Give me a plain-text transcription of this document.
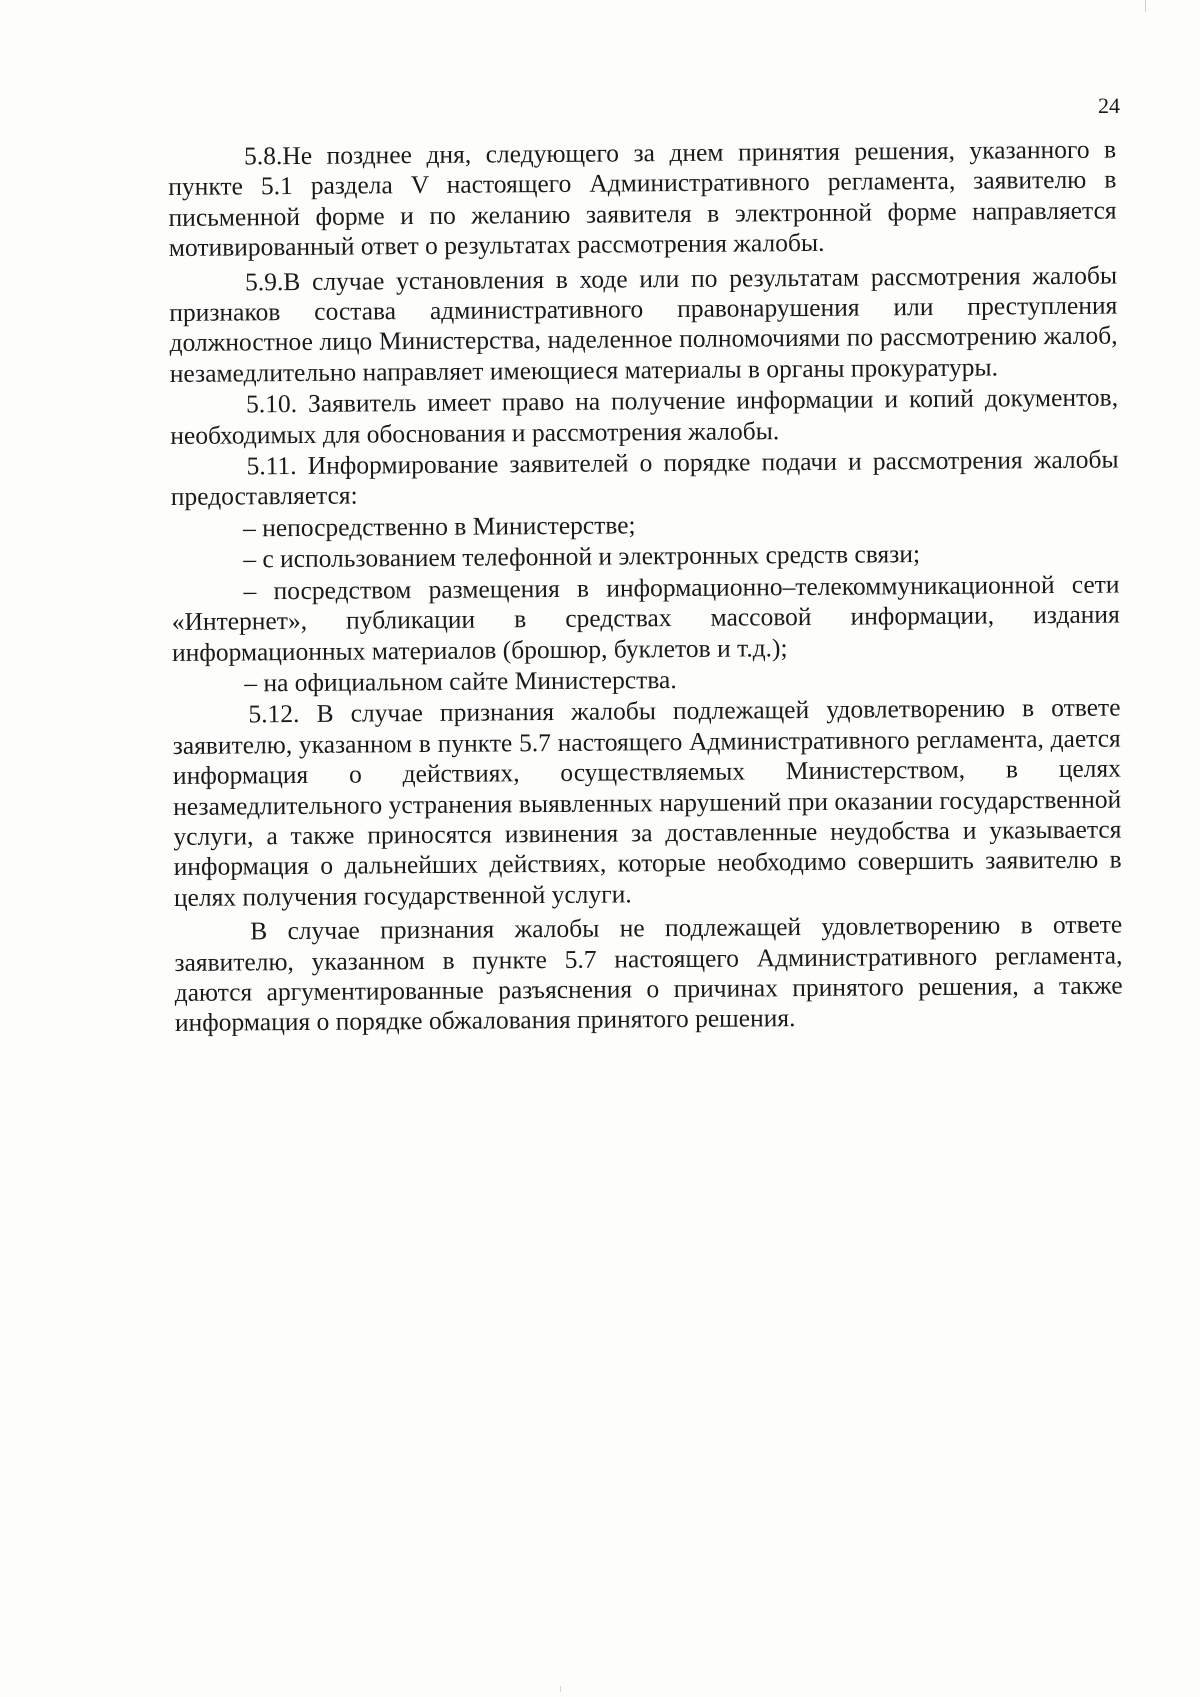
24

5.8.Не позднее дня, следующего за днем принятия решения, указанного в пункте 5.1 раздела V настоящего Административного регламента, заявителю в письменной форме и по желанию заявителя в электронной форме направляется мотивированный ответ о результатах рассмотрения жалобы.

5.9.В случае установления в ходе или по результатам рассмотрения жалобы признаков состава административного правонарушения или преступления должностное лицо Министерства, наделенное полномочиями по рассмотрению жалоб, незамедлительно направляет имеющиеся материалы в органы прокуратуры.

5.10. Заявитель имеет право на получение информации и копий документов, необходимых для обоснования и рассмотрения жалобы.

5.11. Информирование заявителей о порядке подачи и рассмотрения жалобы предоставляется:

– непосредственно в Министерстве;

– с использованием телефонной и электронных средств связи;

– посредством размещения в информационно–телекоммуникационной сети «Интернет», публикации в средствах массовой информации, издания информационных материалов (брошюр, буклетов и т.д.);

– на официальном сайте Министерства.

5.12. В случае признания жалобы подлежащей удовлетворению в ответе заявителю, указанном в пункте 5.7 настоящего Административного регламента, дается информация о действиях, осуществляемых Министерством, в целях незамедлительного устранения выявленных нарушений при оказании государственной услуги, а также приносятся извинения за доставленные неудобства и указывается информация о дальнейших действиях, которые необходимо совершить заявителю в целях получения государственной услуги.

В случае признания жалобы не подлежащей удовлетворению в ответе заявителю, указанном в пункте 5.7 настоящего Административного регламента, даются аргументированные разъяснения о причинах принятого решения, а также информация о порядке обжалования принятого решения.
